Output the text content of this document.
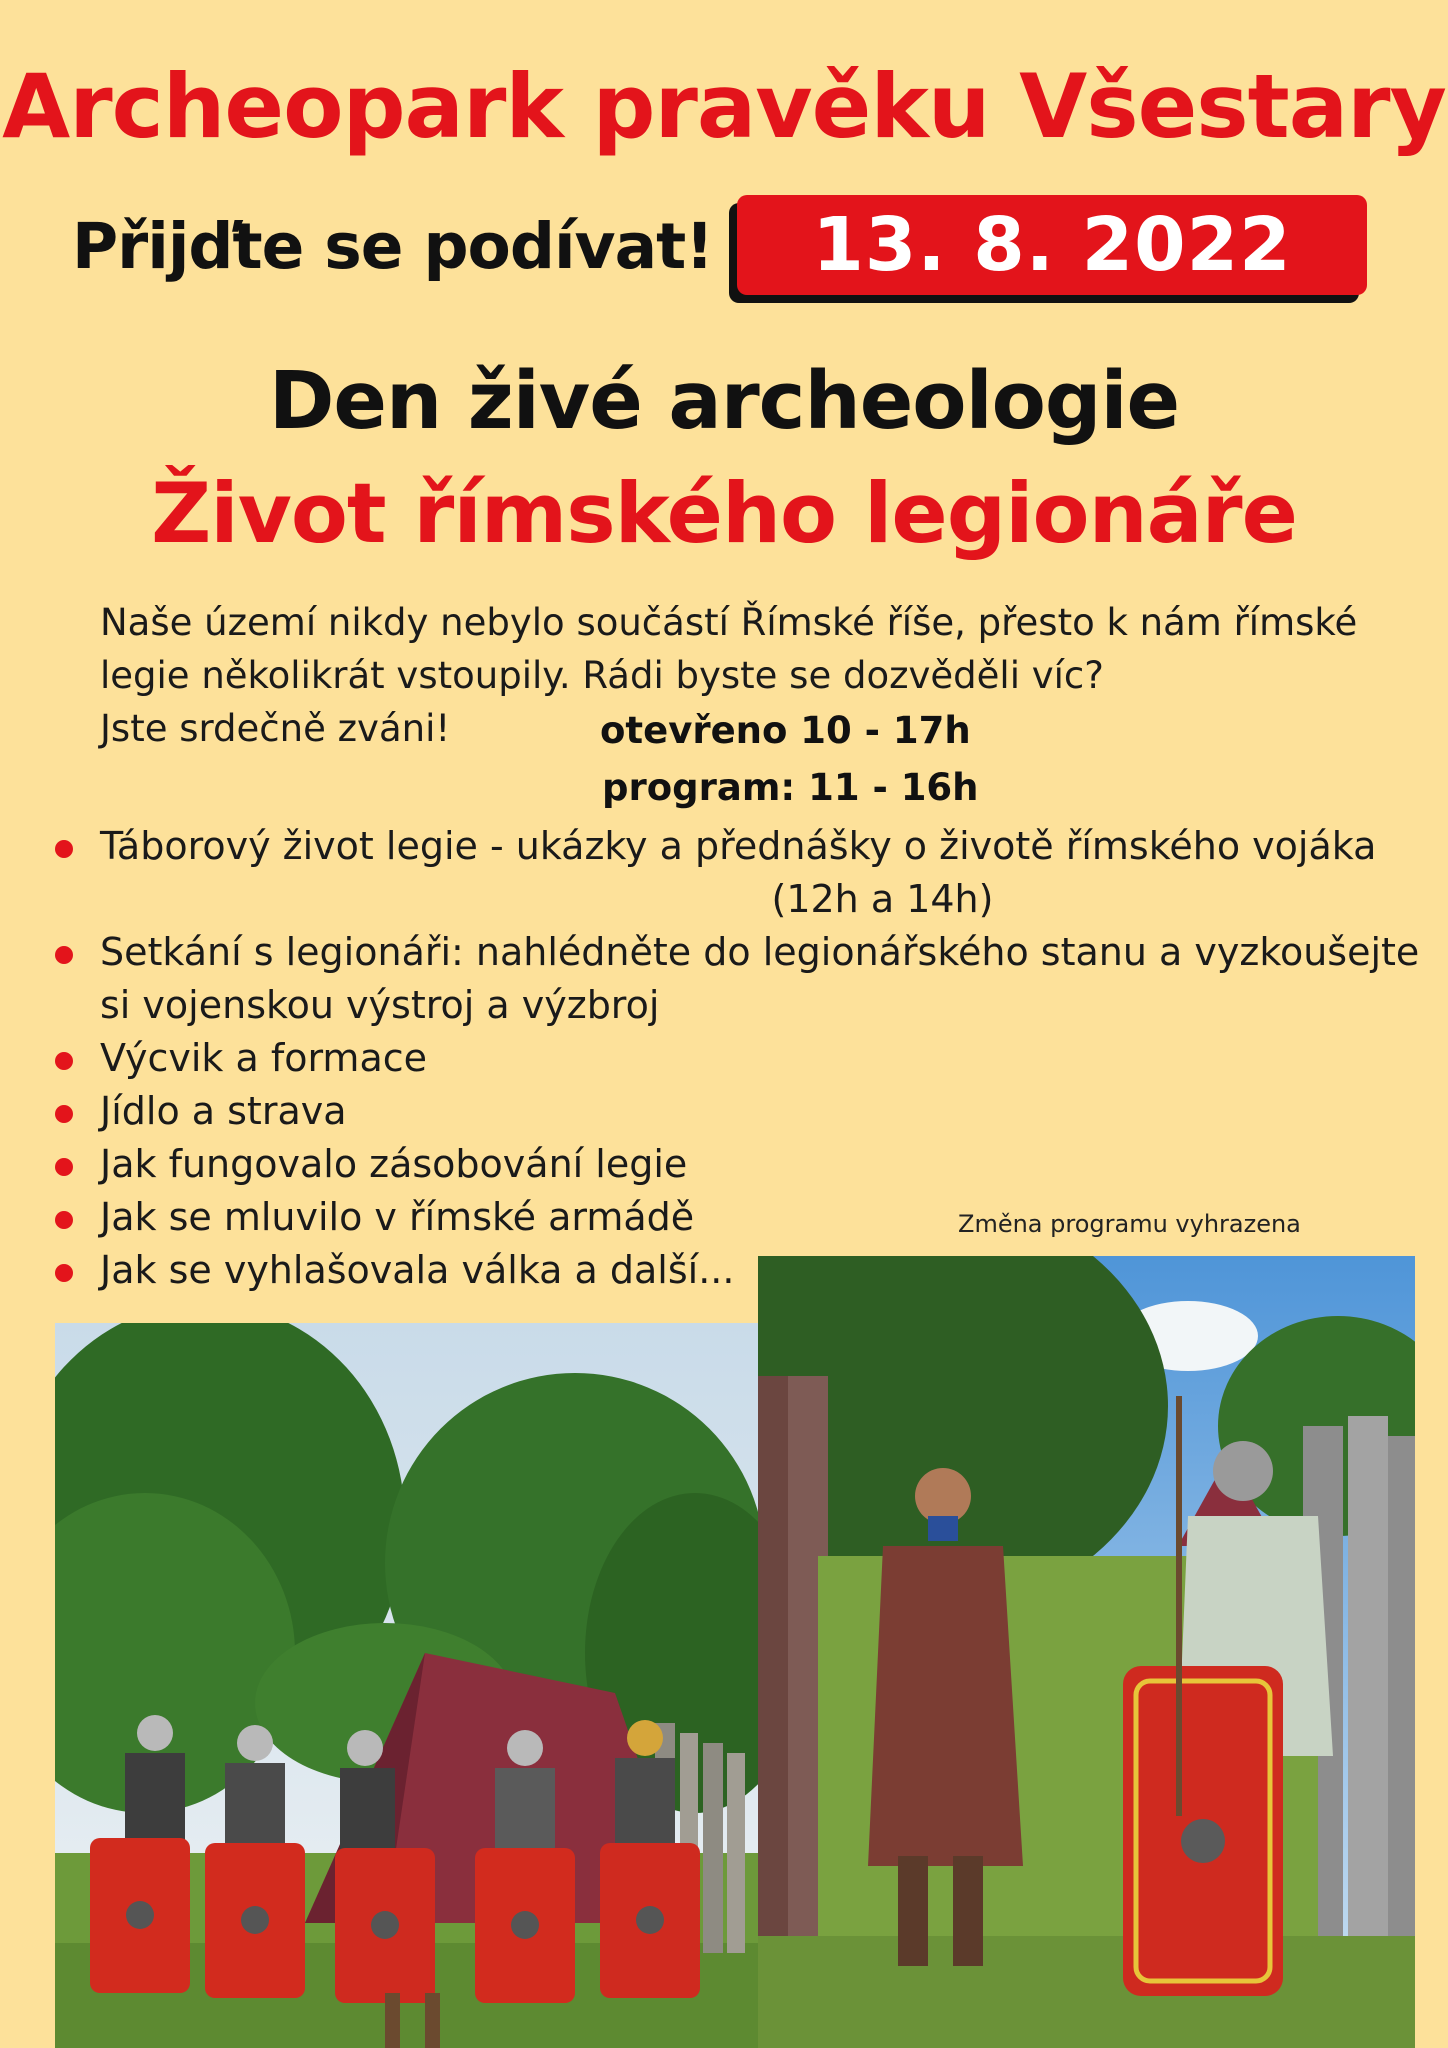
Archeopark pravěku Všestary
Přijďte se podívat! 13. 8. 2022
Den živé archeologie
Život římského legionáře
Naše území nikdy nebylo součástí Římské říše, přesto k nám římské
legie několikrát vstoupily. Rádi byste se dozvěděli víc?
Jste srdečně zváni!	otevřeno 10 - 17h
program: 11 - 16h
Táborový život legie - ukázky a přednášky o životě římského vojáka
(12h a 14h)
Setkání s legionáři: nahlédněte do legionářského stanu a vyzkoušejte si vojenskou výstroj a výzbroj
Výcvik a formace
Jídlo a strava
Jak fungovalo zásobování legie
Jak se mluvilo v římské armádě
Jak se vyhlašovala válka a další...
Změna programu vyhrazena
